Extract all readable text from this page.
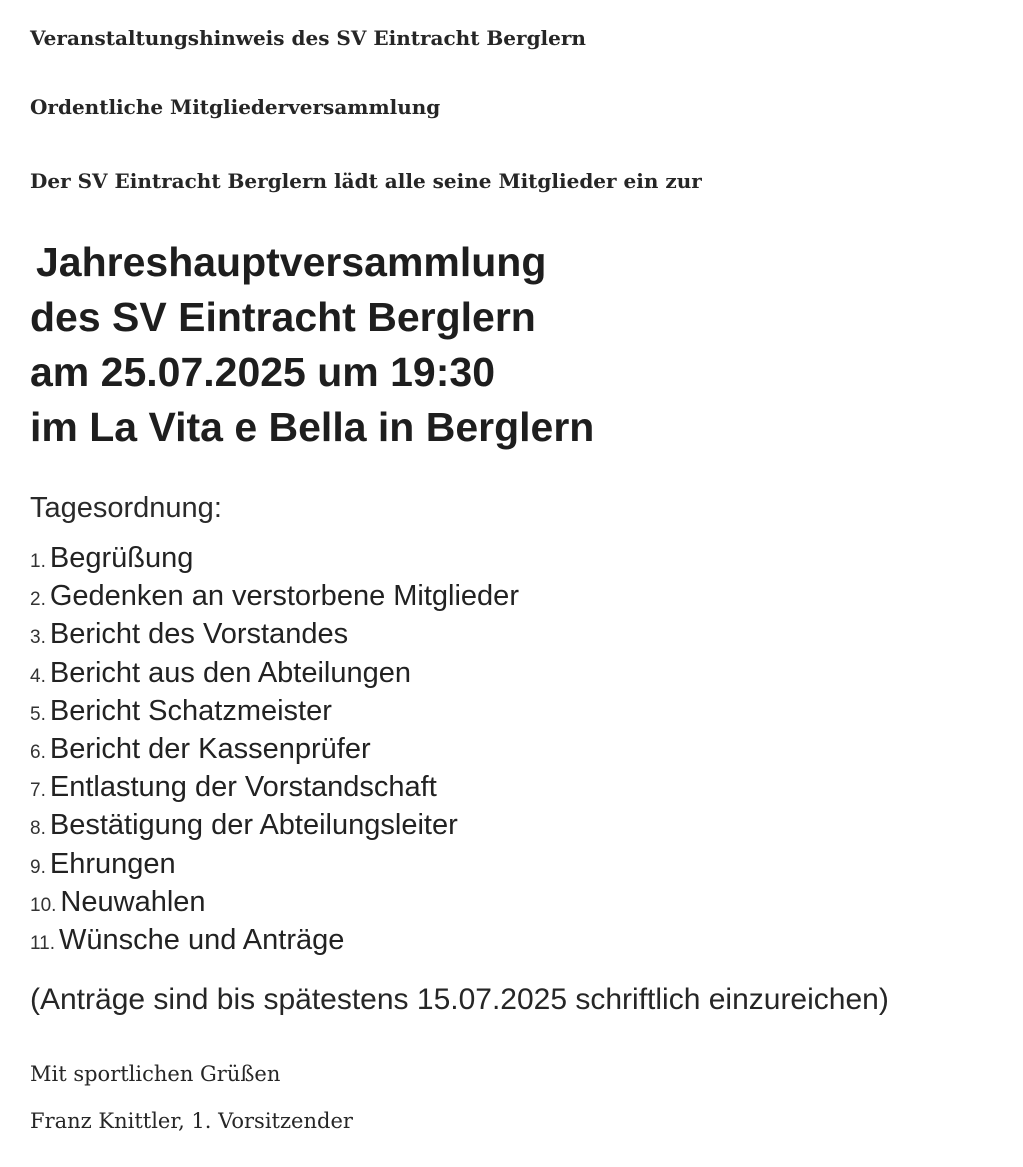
Veranstaltungshinweis des SV Eintracht Berglern

Ordentliche Mitgliederversammlung

Der SV Eintracht Berglern lädt alle seine Mitglieder ein zur

Jahreshauptversammlung
des SV Eintracht Berglern
am 25.07.2025 um 19:30
im La Vita e Bella in Berglern

Tagesordnung:

1. Begrüßung
2. Gedenken an verstorbene Mitglieder
3. Bericht des Vorstandes
4. Bericht aus den Abteilungen
5. Bericht Schatzmeister
6. Bericht der Kassenprüfer
7. Entlastung der Vorstandschaft
8. Bestätigung der Abteilungsleiter
9. Ehrungen
10. Neuwahlen
11. Wünsche und Anträge

(Anträge sind bis spätestens 15.07.2025 schriftlich einzureichen)

Mit sportlichen Grüßen

Franz Knittler, 1. Vorsitzender
